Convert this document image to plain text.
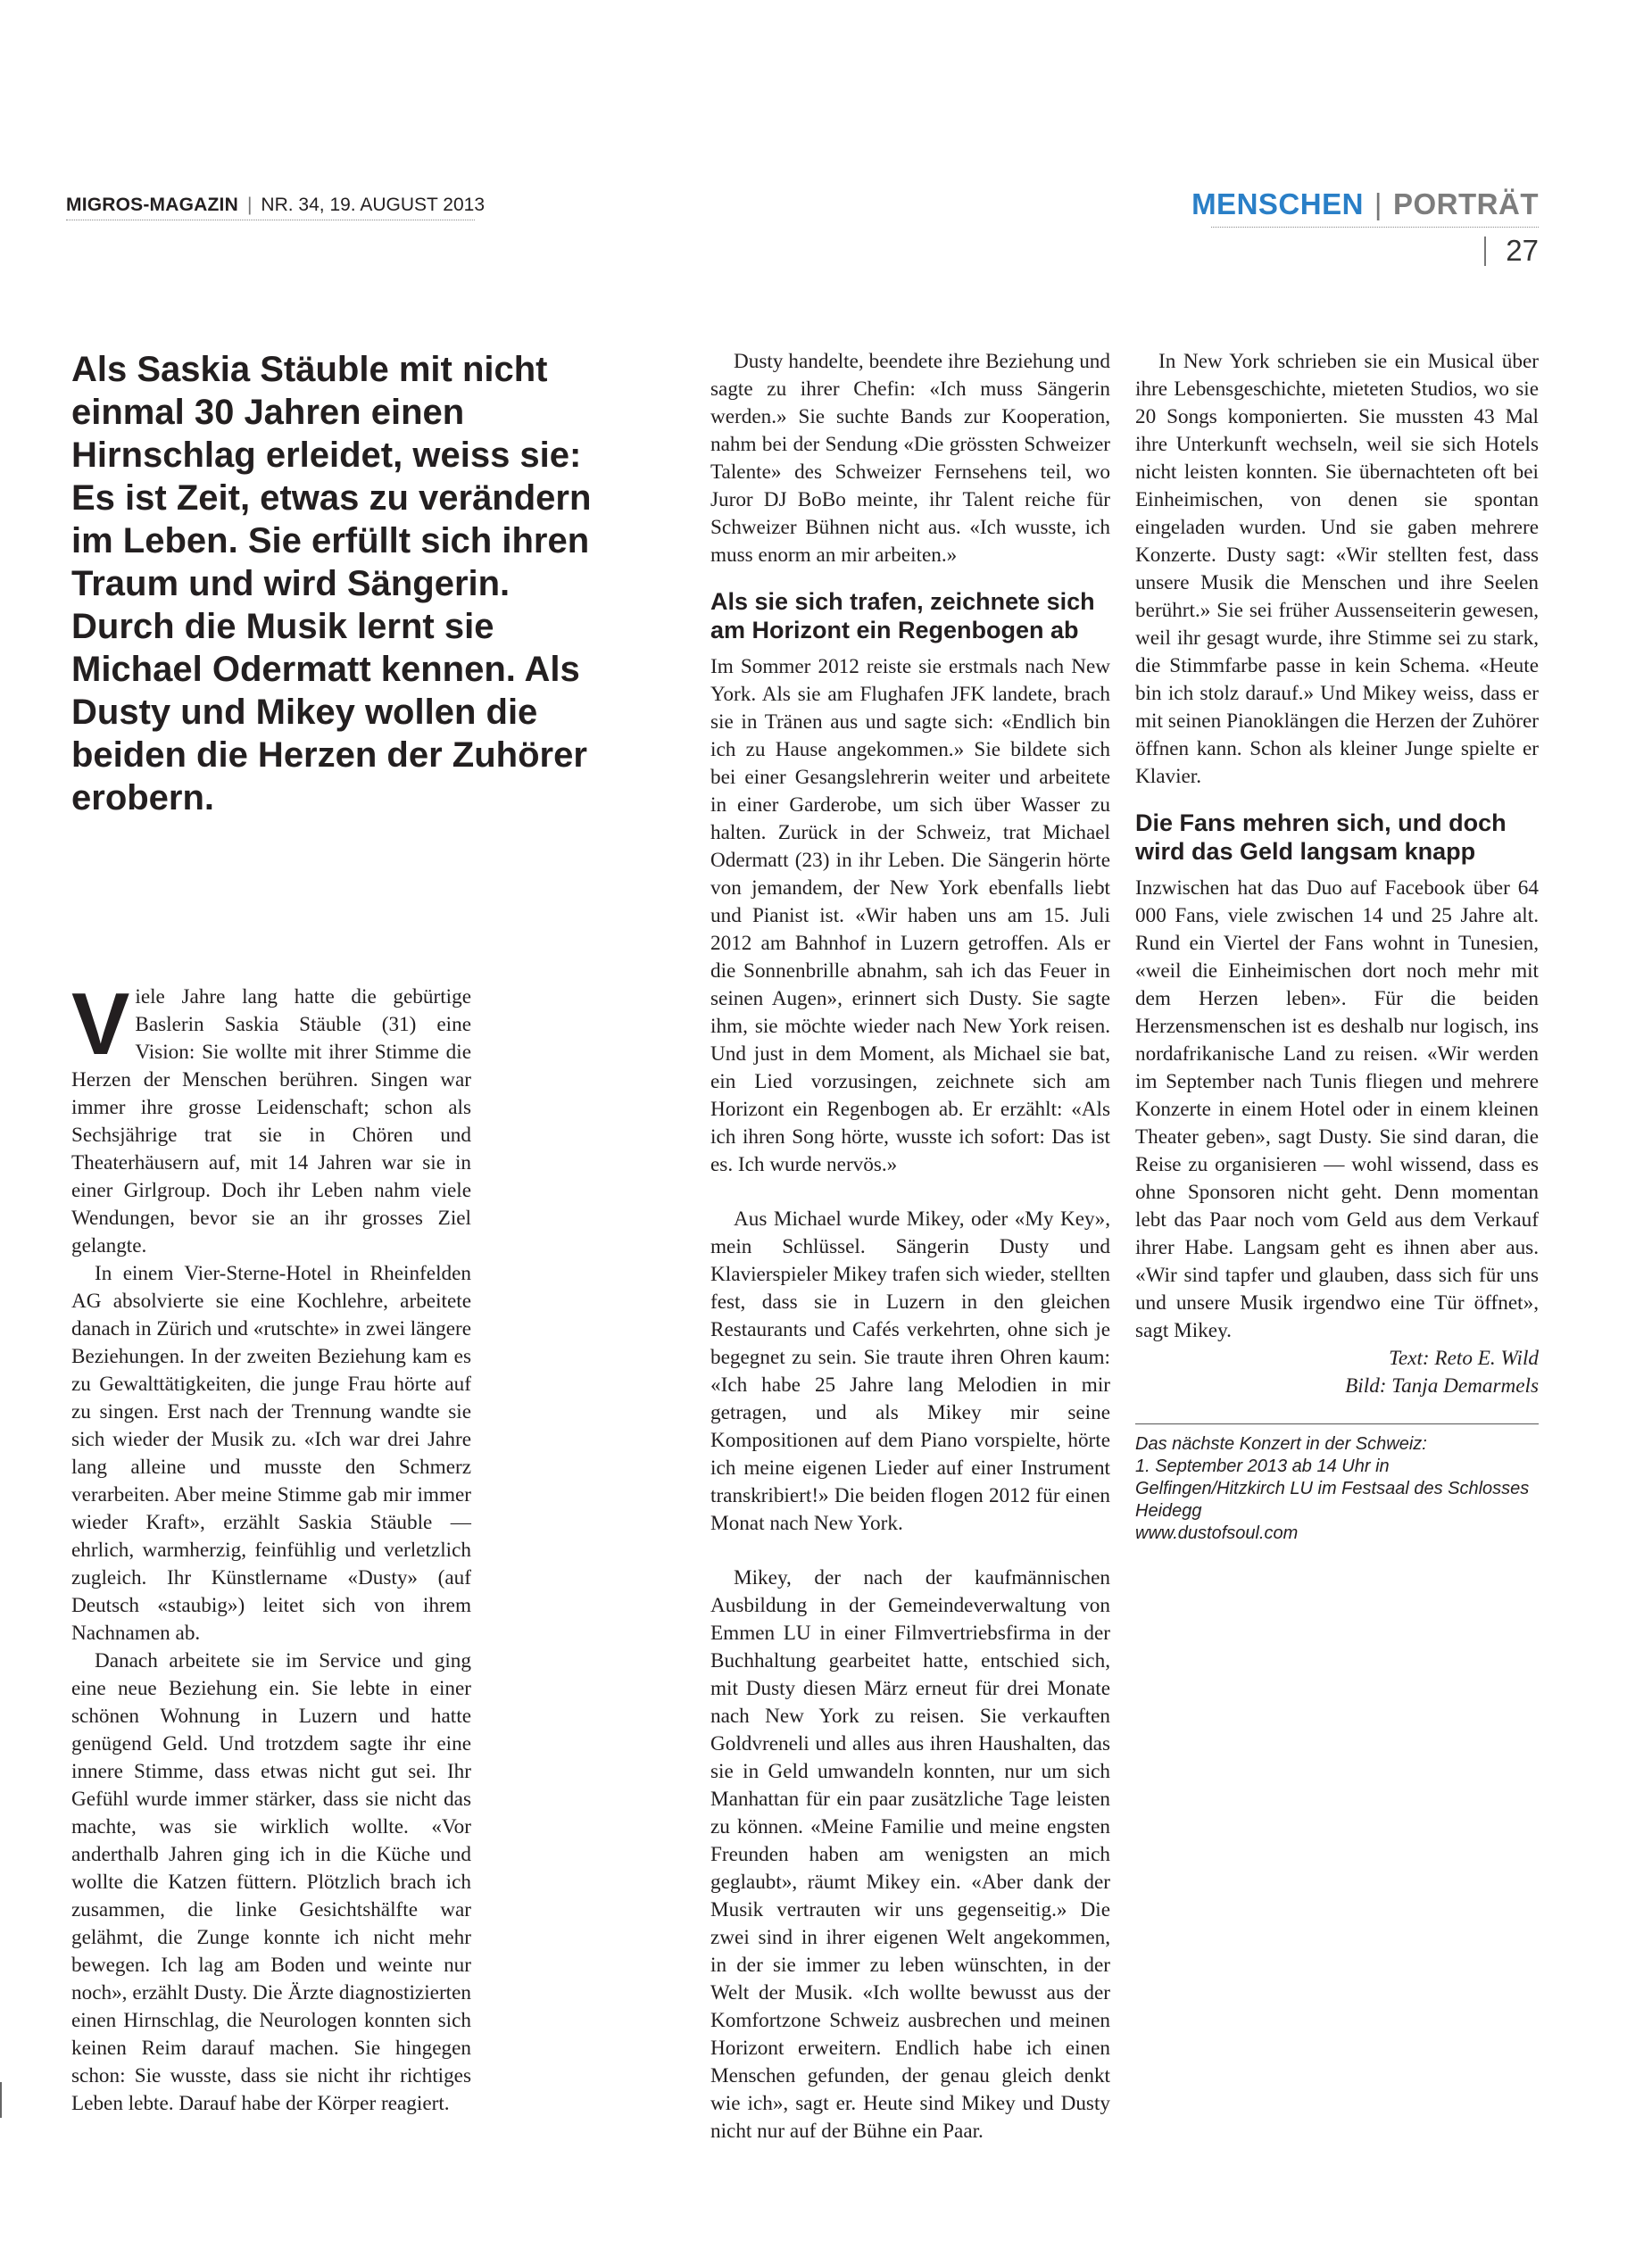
MIGROS-MAGAZIN | NR. 34, 19. AUGUST 2013	MENSCHEN | PORTRÄT
27
Als Saskia Stäuble mit nicht einmal 30 Jahren einen Hirnschlag erleidet, weiss sie: Es ist Zeit, etwas zu verändern im Leben. Sie erfüllt sich ihren Traum und wird Sängerin. Durch die Musik lernt sie Michael Odermatt kennen. Als Dusty und Mikey wollen die beiden die Herzen der Zuhörer erobern.

Viele Jahre lang hatte die gebürtige Baslerin Saskia Stäuble (31) eine Vision: Sie wollte mit ihrer Stimme die Herzen der Menschen berühren. Singen war immer ihre grosse Leidenschaft; schon als Sechsjährige trat sie in Chören und Theaterhäusern auf, mit 14 Jahren war sie in einer Girlgroup. Doch ihr Leben nahm viele Wendungen, bevor sie an ihr grosses Ziel gelangte.

In einem Vier-Sterne-Hotel in Rheinfelden AG absolvierte sie eine Kochlehre, arbeitete danach in Zürich und «rutschte» in zwei längere Beziehungen. In der zweiten Beziehung kam es zu Gewalttätigkeiten, die junge Frau hörte auf zu singen. Erst nach der Trennung wandte sie sich wieder der Musik zu. «Ich war drei Jahre lang alleine und musste den Schmerz verarbeiten. Aber meine Stimme gab mir immer wieder Kraft», erzählt Saskia Stäuble — ehrlich, warmherzig, feinfühlig und verletzlich zugleich. Ihr Künstlername «Dusty» (auf Deutsch «staubig») leitet sich von ihrem Nachnamen ab.

Danach arbeitete sie im Service und ging eine neue Beziehung ein. Sie lebte in einer schönen Wohnung in Luzern und hatte genügend Geld. Und trotzdem sagte ihr eine innere Stimme, dass etwas nicht gut sei. Ihr Gefühl wurde immer stärker, dass sie nicht das machte, was sie wirklich wollte. «Vor anderthalb Jahren ging ich in die Küche und wollte die Katzen füttern. Plötzlich brach ich zusammen, die linke Gesichtshälfte war gelähmt, die Zunge konnte ich nicht mehr bewegen. Ich lag am Boden und weinte nur noch», erzählt Dusty. Die Ärzte diagnostizierten einen Hirnschlag, die Neurologen konnten sich keinen Reim darauf machen. Sie hingegen schon: Sie wusste, dass sie nicht ihr richtiges Leben lebte. Darauf habe der Körper reagiert.

Dusty handelte, beendete ihre Beziehung und sagte zu ihrer Chefin: «Ich muss Sängerin werden.» Sie suchte Bands zur Kooperation, nahm bei der Sendung «Die grössten Schweizer Talente» des Schweizer Fernsehens teil, wo Juror DJ BoBo meinte, ihr Talent reiche für Schweizer Bühnen nicht aus. «Ich wusste, ich muss enorm an mir arbeiten.»

Als sie sich trafen, zeichnete sich am Horizont ein Regenbogen ab

Im Sommer 2012 reiste sie erstmals nach New York. Als sie am Flughafen JFK landete, brach sie in Tränen aus und sagte sich: «Endlich bin ich zu Hause angekommen.» Sie bildete sich bei einer Gesangslehrerin weiter und arbeitete in einer Garderobe, um sich über Wasser zu halten. Zurück in der Schweiz, trat Michael Odermatt (23) in ihr Leben. Die Sängerin hörte von jemandem, der New York ebenfalls liebt und Pianist ist. «Wir haben uns am 15. Juli 2012 am Bahnhof in Luzern getroffen. Als er die Sonnenbrille abnahm, sah ich das Feuer in seinen Augen», erinnert sich Dusty. Sie sagte ihm, sie möchte wieder nach New York reisen. Und just in dem Moment, als Michael sie bat, ein Lied vorzusingen, zeichnete sich am Horizont ein Regenbogen ab. Er erzählt: «Als ich ihren Song hörte, wusste ich sofort: Das ist es. Ich wurde nervös.»

Aus Michael wurde Mikey, oder «My Key», mein Schlüssel. Sängerin Dusty und Klavierspieler Mikey trafen sich wieder, stellten fest, dass sie in Luzern in den gleichen Restaurants und Cafés verkehrten, ohne sich je begegnet zu sein. Sie traute ihren Ohren kaum: «Ich habe 25 Jahre lang Melodien in mir getragen, und als Mikey mir seine Kompositionen auf dem Piano vorspielte, hörte ich meine eigenen Lieder auf einer Instrument transkribiert!» Die beiden flogen 2012 für einen Monat nach New York.

Mikey, der nach der kaufmännischen Ausbildung in der Gemeindeverwaltung von Emmen LU in einer Filmvertriebsfirma in der Buchhaltung gearbeitet hatte, entschied sich, mit Dusty diesen März erneut für drei Monate nach New York zu reisen. Sie verkauften Goldvreneli und alles aus ihren Haushalten, das sie in Geld umwandeln konnten, nur um sich Manhattan für ein paar zusätzliche Tage leisten zu können. «Meine Familie und meine engsten Freunden haben am wenigsten an mich geglaubt», räumt Mikey ein. «Aber dank der Musik vertrauten wir uns gegenseitig.» Die zwei sind in ihrer eigenen Welt angekommen, in der sie immer zu leben wünschten, in der Welt der Musik. «Ich wollte bewusst aus der Komfortzone Schweiz ausbrechen und meinen Horizont erweitern. Endlich habe ich einen Menschen gefunden, der genau gleich denkt wie ich», sagt er. Heute sind Mikey und Dusty nicht nur auf der Bühne ein Paar.

In New York schrieben sie ein Musical über ihre Lebensgeschichte, mieteten Studios, wo sie 20 Songs komponierten. Sie mussten 43 Mal ihre Unterkunft wechseln, weil sie sich Hotels nicht leisten konnten. Sie übernachteten oft bei Einheimischen, von denen sie spontan eingeladen wurden. Und sie gaben mehrere Konzerte. Dusty sagt: «Wir stellten fest, dass unsere Musik die Menschen und ihre Seelen berührt.» Sie sei früher Aussenseiterin gewesen, weil ihr gesagt wurde, ihre Stimme sei zu stark, die Stimmfarbe passe in kein Schema. «Heute bin ich stolz darauf.» Und Mikey weiss, dass er mit seinen Pianoklängen die Herzen der Zuhörer öffnen kann. Schon als kleiner Junge spielte er Klavier.

Die Fans mehren sich, und doch wird das Geld langsam knapp

Inzwischen hat das Duo auf Facebook über 64 000 Fans, viele zwischen 14 und 25 Jahre alt. Rund ein Viertel der Fans wohnt in Tunesien, «weil die Einheimischen dort noch mehr mit dem Herzen leben». Für die beiden Herzensmenschen ist es deshalb nur logisch, ins nordafrikanische Land zu reisen. «Wir werden im September nach Tunis fliegen und mehrere Konzerte in einem Hotel oder in einem kleinen Theater geben», sagt Dusty. Sie sind daran, die Reise zu organisieren — wohl wissend, dass es ohne Sponsoren nicht geht. Denn momentan lebt das Paar noch vom Geld aus dem Verkauf ihrer Habe. Langsam geht es ihnen aber aus. «Wir sind tapfer und glauben, dass sich für uns und unsere Musik irgendwo eine Tür öffnet», sagt Mikey.

Text: Reto E. Wild
Bild: Tanja Demarmels
Das nächste Konzert in der Schweiz:
1. September 2013 ab 14 Uhr in Gelfingen/Hitzkirch LU im Festsaal des Schlosses Heidegg
www.dustofsoul.com
